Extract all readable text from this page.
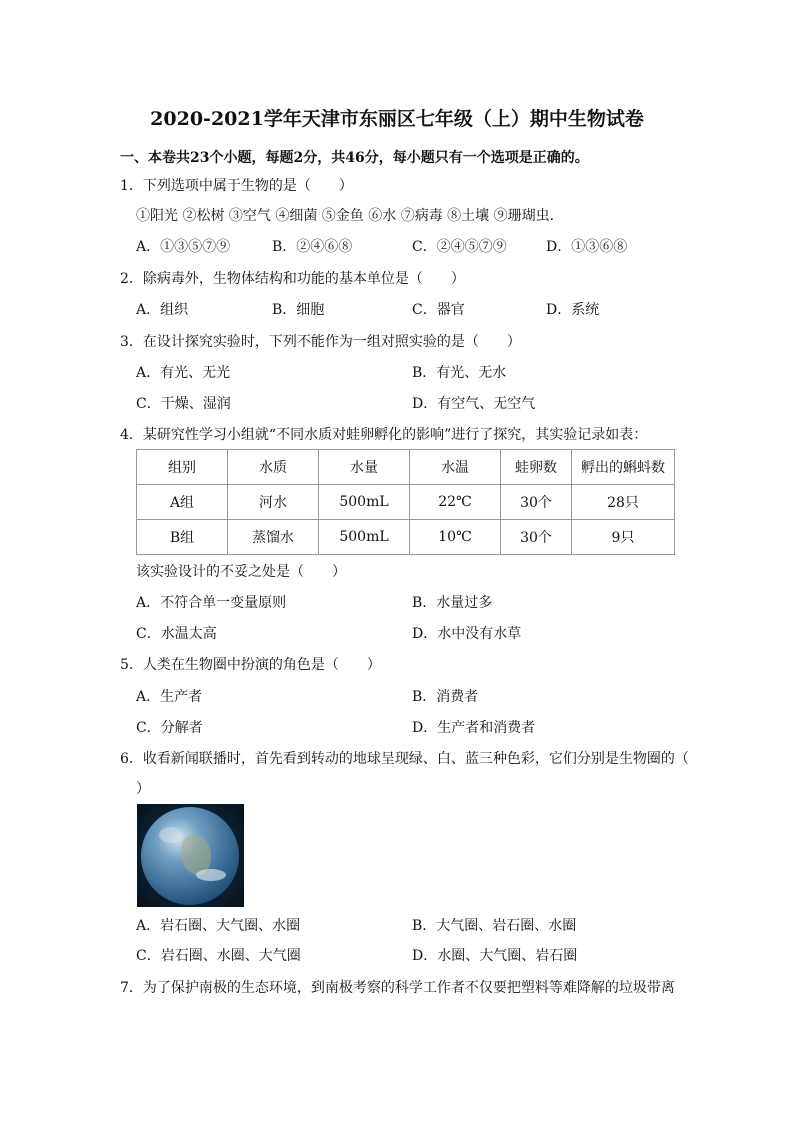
2020-2021学年天津市东丽区七年级（上）期中生物试卷
一、本卷共23个小题，每题2分，共46分，每小题只有一个选项是正确的。
1．下列选项中属于生物的是（　　）
①阳光 ②松树 ③空气 ④细菌 ⑤金鱼 ⑥水 ⑦病毒 ⑧土壤 ⑨珊瑚虫．
A．①③⑤⑦⑨	B．②④⑥⑧	C．②④⑤⑦⑨	D．①③⑥⑧
2．除病毒外，生物体结构和功能的基本单位是（　　）
A．组织	B．细胞	C．器官	D．系统
3．在设计探究实验时，下列不能作为一组对照实验的是（　　）
A．有光、无光	B．有光、无水
C．干燥、湿润	D．有空气、无空气
4．某研究性学习小组就“不同水质对蛙卵孵化的影响”进行了探究，其实验记录如表：
组别	水质	水量	水温	蛙卵数	孵出的蝌蚪数
A组	河水	500mL	22℃	30个	28只
B组	蒸馏水	500mL	10℃	30个	9只
该实验设计的不妥之处是（　　）
A．不符合单一变量原则	B．水量过多
C．水温太高	D．水中没有水草
5．人类在生物圈中扮演的角色是（　　）
A．生产者	B．消费者
C．分解者	D．生产者和消费者
6．收看新闻联播时，首先看到转动的地球呈现绿、白、蓝三种色彩，它们分别是生物圈的（
）
A．岩石圈、大气圈、水圈	B．大气圈、岩石圈、水圈
C．岩石圈、水圈、大气圈	D．水圈、大气圈、岩石圈
7．为了保护南极的生态环境，到南极考察的科学工作者不仅要把塑料等难降解的垃圾带离
